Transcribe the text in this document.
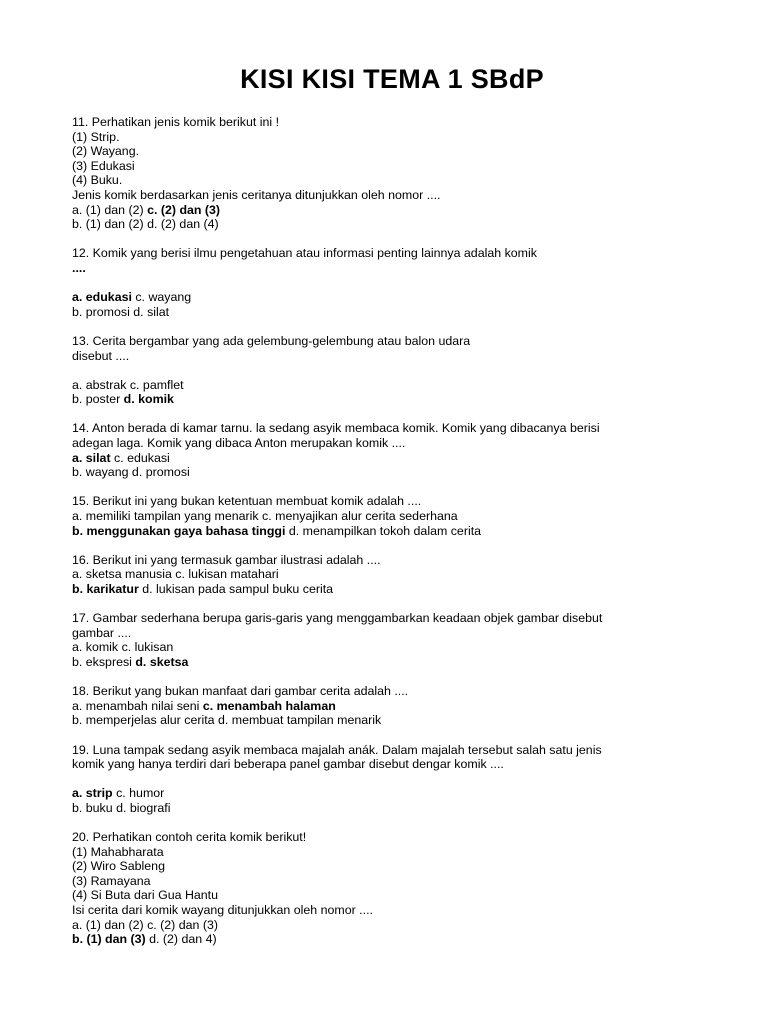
KISI KISI TEMA 1 SBdP
11. Perhatikan jenis komik berikut ini !
(1) Strip.
(2) Wayang.
(3) Edukasi
(4) Buku.
Jenis komik berdasarkan jenis ceritanya ditunjukkan oleh nomor ....
a. (1) dan (2) c. (2) dan (3)
b. (1) dan (2) d. (2) dan (4)
12. Komik yang berisi ilmu pengetahuan atau informasi penting lainnya adalah komik
....

a. edukasi c. wayang
b. promosi d. silat
13. Cerita bergambar yang ada gelembung-gelembung atau balon udara
disebut ....

a. abstrak c. pamflet
b. poster d. komik
14. Anton berada di kamar tarnu. la sedang asyik membaca komik. Komik yang dibacanya berisi
adegan laga. Komik yang dibaca Anton merupakan komik ....
a. silat c. edukasi
b. wayang d. promosi
15. Berikut ini yang bukan ketentuan membuat komik adalah ....
a. memiliki tampilan yang menarik c. menyajikan alur cerita sederhana
b. menggunakan gaya bahasa tinggi d. menampilkan tokoh dalam cerita
16. Berikut ini yang termasuk gambar ilustrasi adalah ....
a. sketsa manusia c. lukisan matahari
b. karikatur d. lukisan pada sampul buku cerita
17. Gambar sederhana berupa garis-garis yang menggambarkan keadaan objek gambar disebut
gambar ....
a. komik c. lukisan
b. ekspresi d. sketsa
18. Berikut yang bukan manfaat dari gambar cerita adalah ....
a. menambah nilai seni c. menambah halaman
b. memperjelas alur cerita d. membuat tampilan menarik
19. Luna tampak sedang asyik membaca majalah anák. Dalam majalah tersebut salah satu jenis
komik yang hanya terdiri dari beberapa panel gambar disebut dengar komik ....

a. strip c. humor
b. buku d. biografi
20. Perhatikan contoh cerita komik berikut!
(1) Mahabharata
(2) Wiro Sableng
(3) Ramayana
(4) Si Buta dari Gua Hantu
Isi cerita dari komik wayang ditunjukkan oleh nomor ....
a. (1) dan (2) c. (2) dan (3)
b. (1) dan (3) d. (2) dan 4)
